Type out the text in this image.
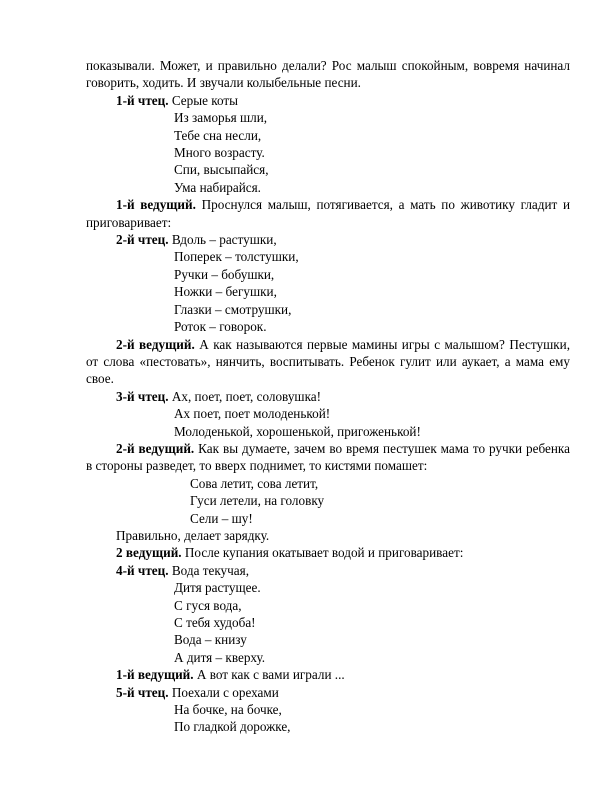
показывали. Может, и правильно делали? Рос малыш спокойным, вовремя начинал говорить, ходить. И звучали колыбельные песни.

1-й чтец. Серые коты

Из заморья шли,

Тебе сна несли,

Много возрасту.

Спи, высыпайся,

Ума набирайся.

1-й ведущий. Проснулся малыш, потягивается, а мать по животику гладит и приговаривает:

2-й чтец. Вдоль – растушки,

Поперек – толстушки,

Ручки – бобушки,

Ножки – бегушки,

Глазки – смотрушки,

Роток – говорок.

2-й ведущий. А как называются первые мамины игры с малышом? Пестушки, от слова «пестовать», нянчить, воспитывать. Ребенок гулит или аукает, а мама ему свое.

3-й чтец. Ах, поет, поет, соловушка!

Ах поет, поет молоденькой!

Молоденькой, хорошенькой, пригоженькой!

2-й ведущий. Как вы думаете, зачем во время пестушек мама то ручки ребенка в стороны разведет, то вверх поднимет, то кистями помашет:

Сова летит, сова летит,

Гуси летели, на головку

Сели – шу!

Правильно, делает зарядку.

2 ведущий. После купания окатывает водой и приговаривает:

4-й чтец. Вода текучая,

Дитя растущее.

С гуся вода,

С тебя худоба!

Вода – книзу

А дитя – кверху.

1-й ведущий. А вот как с вами играли ...

5-й чтец. Поехали с орехами

На бочке, на бочке,

По гладкой дорожке,
